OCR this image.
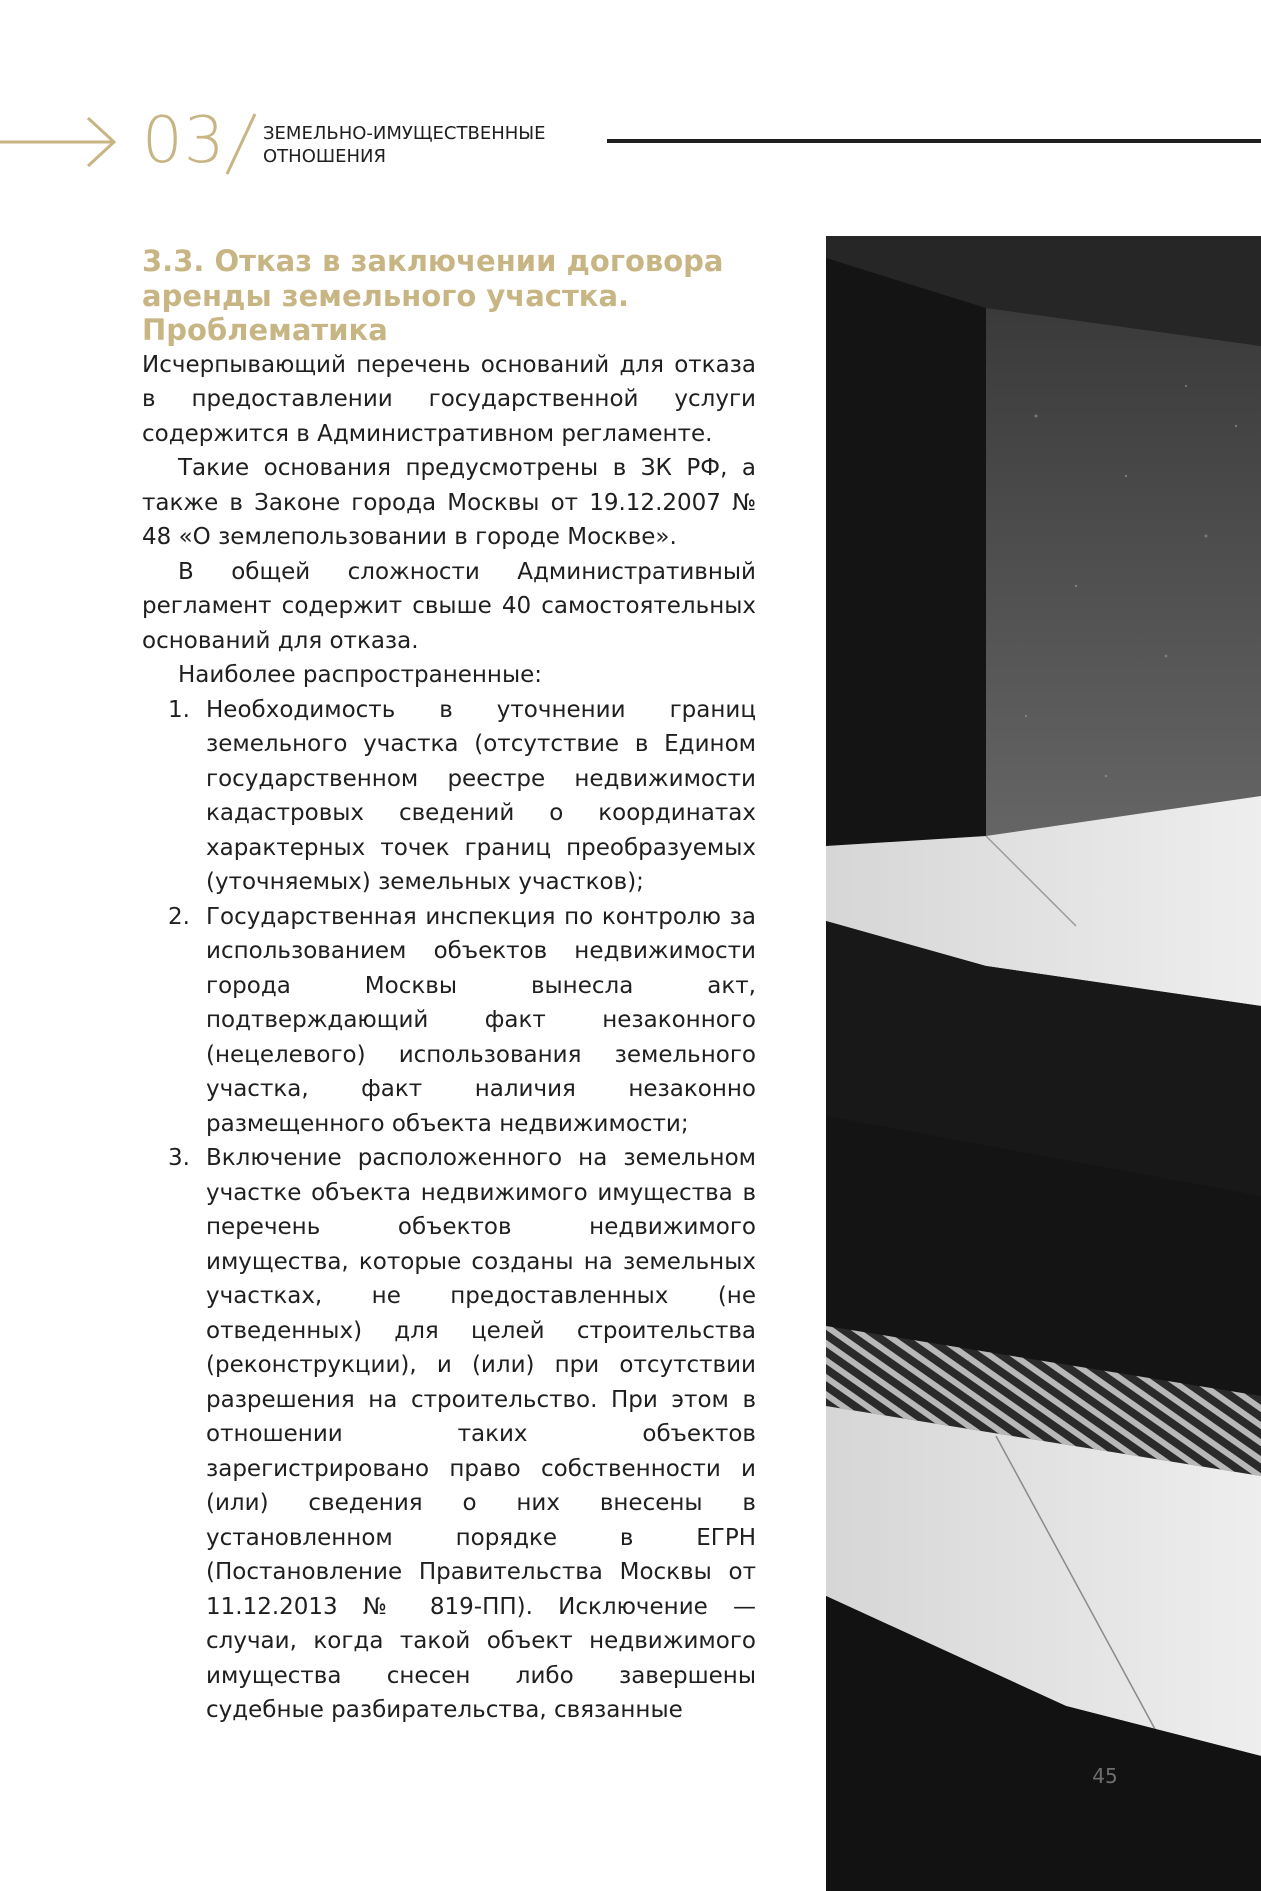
03 ЗЕМЕЛЬНО-ИМУЩЕСТВЕННЫЕ
ОТНОШЕНИЯ
3.3. Отказ в заключении договора аренды земельного участка. Проблематика

Исчерпывающий перечень оснований для отказа в предоставлении государственной услуги содержится в Административном регламенте.

Такие основания предусмотрены в ЗК РФ, а также в Законе города Москвы от 19.12.2007 № 48 «О землепользовании в городе Москве».

В общей сложности Административный регламент содержит свыше 40 самостоятельных оснований для отказа.

Наиболее распространенные:

1. Необходимость в уточнении границ земельного участка (отсутствие в Едином государственном реестре недвижимости кадастровых сведений о координатах характерных точек границ преобразуемых (уточняемых) земельных участков);
2. Государственная инспекция по контролю за использованием объектов недвижимости города Москвы вынесла акт, подтверждающий факт незаконного (нецелевого) использования земельного участка, факт наличия незаконно размещенного объекта недвижимости;
3. Включение расположенного на земельном участке объекта недвижимого имущества в перечень объектов недвижимого имущества, которые созданы на земельных участках, не предоставленных (не отведенных) для целей строительства (реконструкции), и (или) при отсутствии разрешения на строительство. При этом в отношении таких объектов зарегистрировано право собственности и (или) сведения о них внесены в установленном порядке в ЕГРН (Постановление Правительства Москвы от 11.12.2013 № 819-ПП). Исключение — случаи, когда такой объект недвижимого имущества снесен либо завершены судебные разбирательства, связанные
45
